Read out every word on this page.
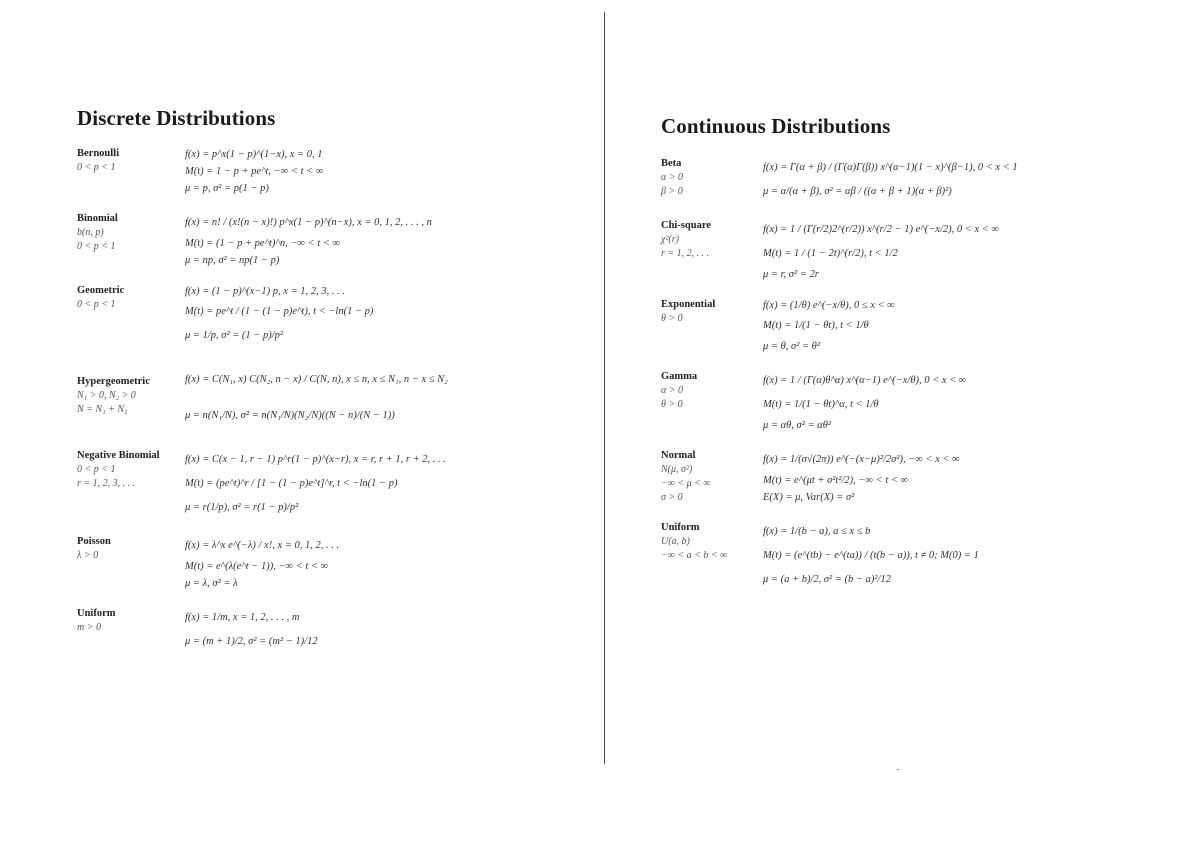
Discrete Distributions
Bernoulli
0 < p < 1
f(x) = p^x(1 − p)^(1−x), x = 0, 1
M(t) = 1 − p + pe^t, −∞ < t < ∞
μ = p, σ² = p(1 − p)
Binomial
b(n, p)
0 < p < 1
f(x) = n! / (x!(n − x)!) p^x(1 − p)^(n−x), x = 0, 1, 2, . . . , n
M(t) = (1 − p + pe^t)^n, −∞ < t < ∞
μ = np, σ² = np(1 − p)
Geometric
0 < p < 1
f(x) = (1 − p)^(x−1) p, x = 1, 2, 3, . . .
M(t) = pe^t / (1 − (1 − p)e^t), t < −ln(1 − p)
μ = 1/p, σ² = (1 − p)/p²
Hypergeometric
N₁ > 0, N₂ > 0
N = N₁ + N₂
f(x) = C(N₁, x) C(N₂, n − x) / C(N, n), x ≤ n, x ≤ N₁, n − x ≤ N₂
μ = n(N₁/N), σ² = n(N₁/N)(N₂/N)((N − n)/(N − 1))
Negative Binomial
0 < p < 1
r = 1, 2, 3, . . .
f(x) = C(x − 1, r − 1) p^r(1 − p)^(x−r), x = r, r + 1, r + 2, . . .
M(t) = (pe^t)^r / [1 − (1 − p)e^t]^r, t < −ln(1 − p)
μ = r(1/p), σ² = r(1 − p)/p²
Poisson
λ > 0
f(x) = λ^x e^(−λ) / x!, x = 0, 1, 2, . . .
M(t) = e^(λ(e^t − 1)), −∞ < t < ∞
μ = λ, σ² = λ
Uniform
m > 0
f(x) = 1/m, x = 1, 2, . . . , m
μ = (m + 1)/2, σ² = (m² − 1)/12
Continuous Distributions
Beta
α > 0
β > 0
f(x) = Γ(α + β) / (Γ(α)Γ(β)) x^(α−1)(1 − x)^(β−1), 0 < x < 1
μ = α/(α + β), σ² = αβ / ((α + β + 1)(α + β)²)
Chi-square
χ²(r)
r = 1, 2, . . .
f(x) = 1 / (Γ(r/2)2^(r/2)) x^(r/2 − 1) e^(−x/2), 0 < x < ∞
M(t) = 1 / (1 − 2t)^(r/2), t < 1/2
μ = r, σ² = 2r
Exponential
θ > 0
f(x) = (1/θ) e^(−x/θ), 0 ≤ x < ∞
M(t) = 1/(1 − θt), t < 1/θ
μ = θ, σ² = θ²
Gamma
α > 0
θ > 0
f(x) = 1 / (Γ(α)θ^α) x^(α−1) e^(−x/θ), 0 < x < ∞
M(t) = 1/(1 − θt)^α, t < 1/θ
μ = αθ, σ² = αθ²
Normal
N(μ, σ²)
−∞ < μ < ∞
σ > 0
f(x) = 1/(σ√(2π)) e^(−(x−μ)²/2σ²), −∞ < x < ∞
M(t) = e^(μt + σ²t²/2), −∞ < t < ∞
E(X) = μ, Var(X) = σ²
Uniform
U(a, b)
−∞ < a < b < ∞
f(x) = 1/(b − a), a ≤ x ≤ b
M(t) = (e^(tb) − e^(ta)) / (t(b − a)), t ≠ 0; M(0) = 1
μ = (a + b)/2, σ² = (b − a)²/12
